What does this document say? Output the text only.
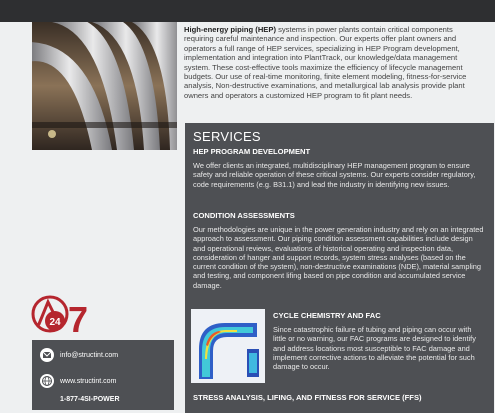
High-energy piping (HEP) systems in power plants contain critical components requiring careful maintenance and inspection. Our experts offer plant owners and operators a full range of HEP services, specializing in HEP Program development, implementation and integration into PlantTrack, our knowledge/data management system. These cost-effective tools maximize the efficiency of lifecycle management budgets. Our use of real-time monitoring, finite element modeling, fitness-for-service analysis, Non-destructive examinations, and metallurgical lab analysis provide plant owners and operators a customized HEP program to fit plant needs.
SERVICES
HEP PROGRAM DEVELOPMENT
We offer clients an integrated, multidisciplinary HEP management program to ensure safety and reliable operation of these critical systems. Our experts consider regulatory, code requirements (e.g. B31.1) and lead the industry in identifying new issues.
CONDITION ASSESSMENTS
Our methodologies are unique in the power generation industry and rely on an integrated approach to assessment. Our piping condition assessment capabilities include design and operational reviews, evaluations of historical operating and inspection data, consideration of hanger and support records, system stress analyses (based on the current condition of the system), non-destructive examinations (NDE), material sampling and testing, and component lifing based on pipe condition and accumulated service damage.
CYCLE CHEMISTRY AND FAC
Since catastrophic failure of tubing and piping can occur with little or no warning, our FAC programs are designed to identify and address locations most susceptible to FAC damage and implement corrective actions to alleviate the potential for such damage to occur.
STRESS ANALYSIS, LIFING, AND FITNESS FOR SERVICE (FFS)
24 7
info@structint.com
www.structint.com
1-877-4SI-POWER
